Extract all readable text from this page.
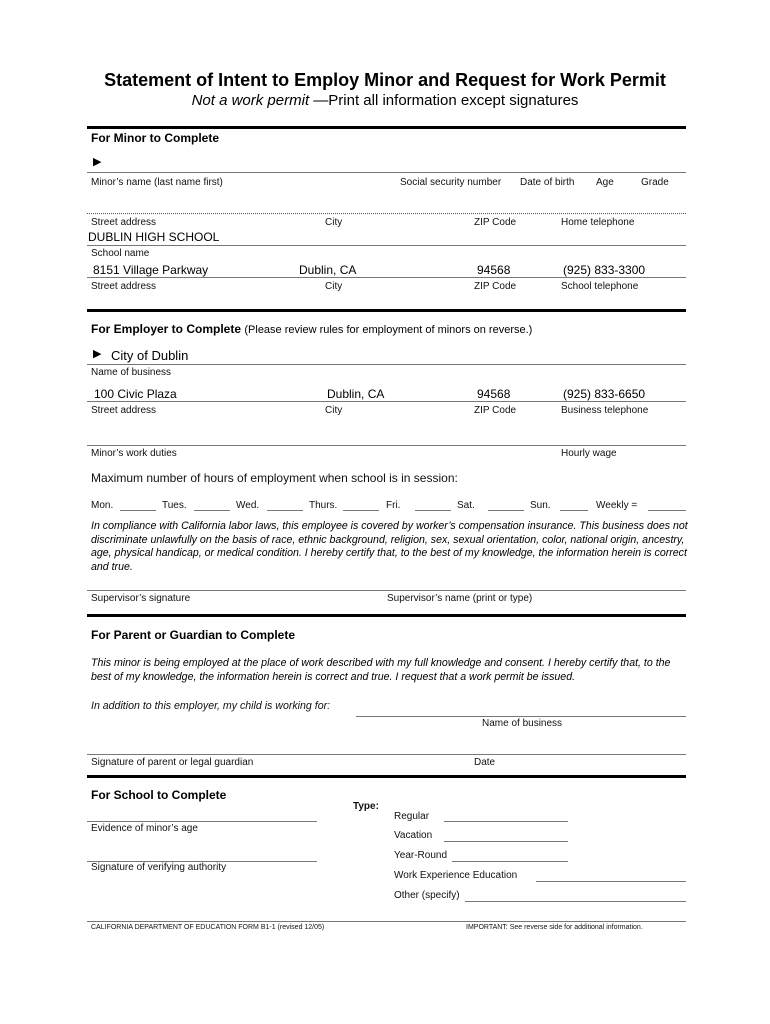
Statement of Intent to Employ Minor and Request for Work Permit
Not a work permit —Print all information except signatures
For Minor to Complete
▶
Minor’s name (last name first)	Social security number Date of birth Age	Grade
Street address	City	ZIP Code	Home telephone
DUBLIN HIGH SCHOOL
School name
8151 Village Parkway	Dublin, CA	94568	(925) 833-3300
Street address	City	ZIP Code	School telephone
For Employer to Complete (Please review rules for employment of minors on reverse.)
▶ City of Dublin
Name of business
100 Civic Plaza	Dublin, CA	94568	(925) 833-6650
Street address	City	ZIP Code	Business telephone
Minor’s work duties	Hourly wage
Maximum number of hours of employment when school is in session:
Mon.	Tues.	Wed.	Thurs.	Fri.	Sat.	Sun.	Weekly =
In compliance with California labor laws, this employee is covered by worker’s compensation insurance. This business does not discriminate unlawfully on the basis of race, ethnic background, religion, sex, sexual orientation, color, national origin, ancestry, age, physical handicap, or medical condition. I hereby certify that, to the best of my knowledge, the information herein is correct and true.
Supervisor’s signature	Supervisor’s name (print or type)
For Parent or Guardian to Complete
This minor is being employed at the place of work described with my full knowledge and consent. I hereby certify that, to the best of my knowledge, the information herein is correct and true. I request that a work permit be issued.
In addition to this employer, my child is working for:
Name of business
Signature of parent or legal guardian	Date
For School to Complete
Type:
Evidence of minor’s age
Signature of verifying authority
Regular
Vacation
Year-Round
Work Experience Education
Other (specify)
CALIFORNIA DEPARTMENT OF EDUCATION FORM B1-1 (revised 12/05)	IMPORTANT: See reverse side for additional information.
